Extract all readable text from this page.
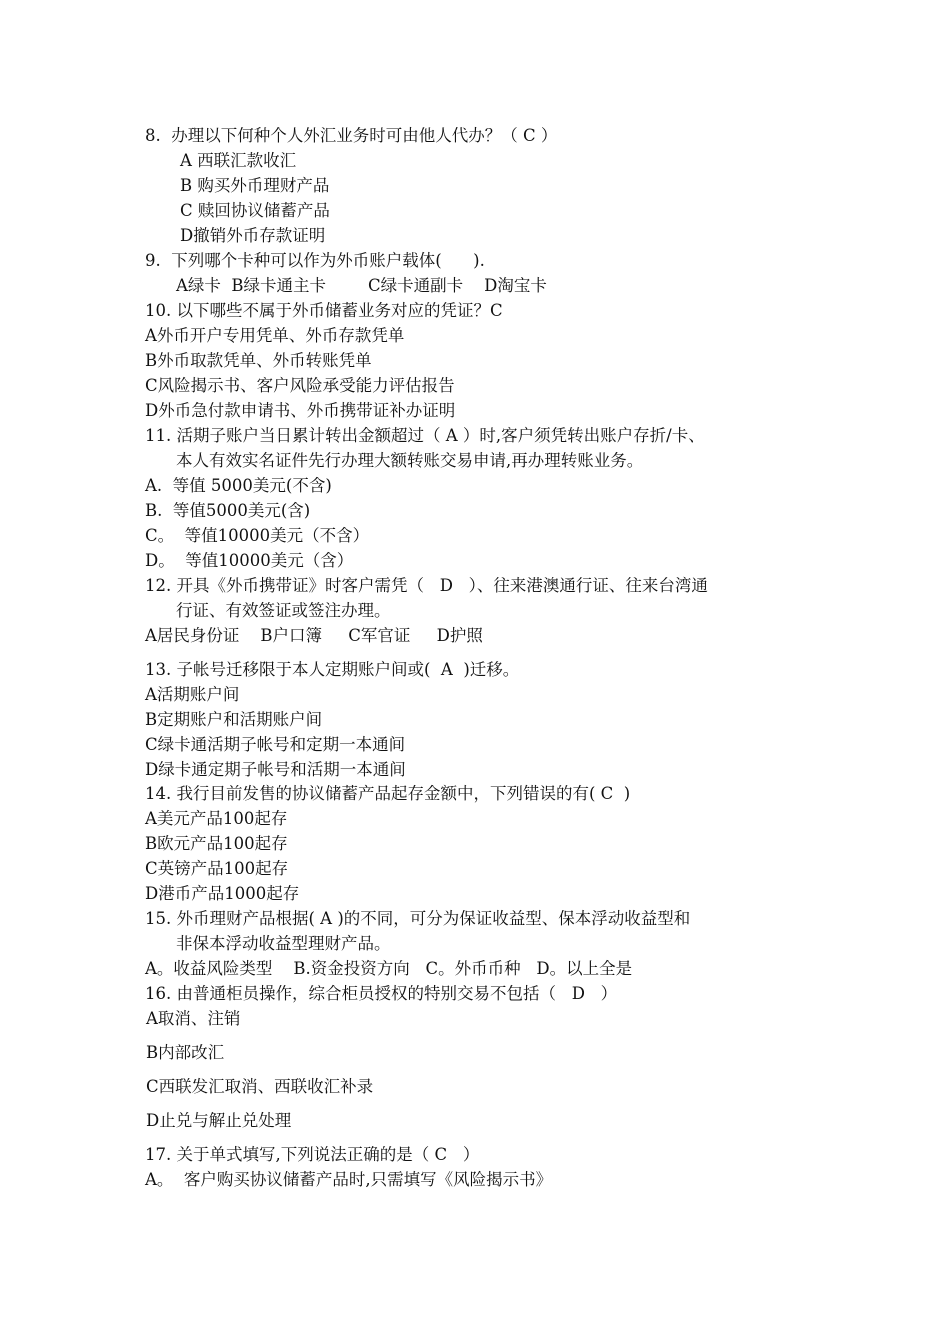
8.  办理以下何种个人外汇业务时可由他人代办？（ C ）
A 西联汇款收汇
B 购买外币理财产品
C 赎回协议储蓄产品
D撤销外币存款证明
9.  下列哪个卡种可以作为外币账户载体(      ).
A绿卡  B绿卡通主卡        C绿卡通副卡    D淘宝卡
10. 以下哪些不属于外币储蓄业务对应的凭证？C
A外币开户专用凭单、外币存款凭单
B外币取款凭单、外币转账凭单
C风险揭示书、客户风险承受能力评估报告
D外币急付款申请书、外币携带证补办证明
11. 活期子账户当日累计转出金额超过（ A ）时,客户须凭转出账户存折/卡、
本人有效实名证件先行办理大额转账交易申请,再办理转账业务。
A.  等值 5000美元(不含)
B.  等值5000美元(含)
C。  等值10000美元（不含）
D。  等值10000美元（含）
12. 开具《外币携带证》时客户需凭（   D   ）、往来港澳通行证、往来台湾通
行证、有效签证或签注办理。
A居民身份证    B户口簿     C军官证     D护照
13. 子帐号迁移限于本人定期账户间或(  A  )迁移。
A活期账户间
B定期账户和活期账户间
C绿卡通活期子帐号和定期一本通间
D绿卡通定期子帐号和活期一本通间
14. 我行目前发售的协议储蓄产品起存金额中，下列错误的有( C  )
A美元产品100起存
B欧元产品100起存
C英镑产品100起存
D港币产品1000起存
15. 外币理财产品根据( A )的不同，可分为保证收益型、保本浮动收益型和
非保本浮动收益型理财产品。
A。收益风险类型    B.资金投资方向   C。外币币种   D。以上全是
16. 由普通柜员操作，综合柜员授权的特别交易不包括（   D   ）
A取消、注销
B内部改汇
C西联发汇取消、西联收汇补录
D止兑与解止兑处理
17. 关于单式填写,下列说法正确的是（ C   ）
A。  客户购买协议储蓄产品时,只需填写《风险揭示书》
